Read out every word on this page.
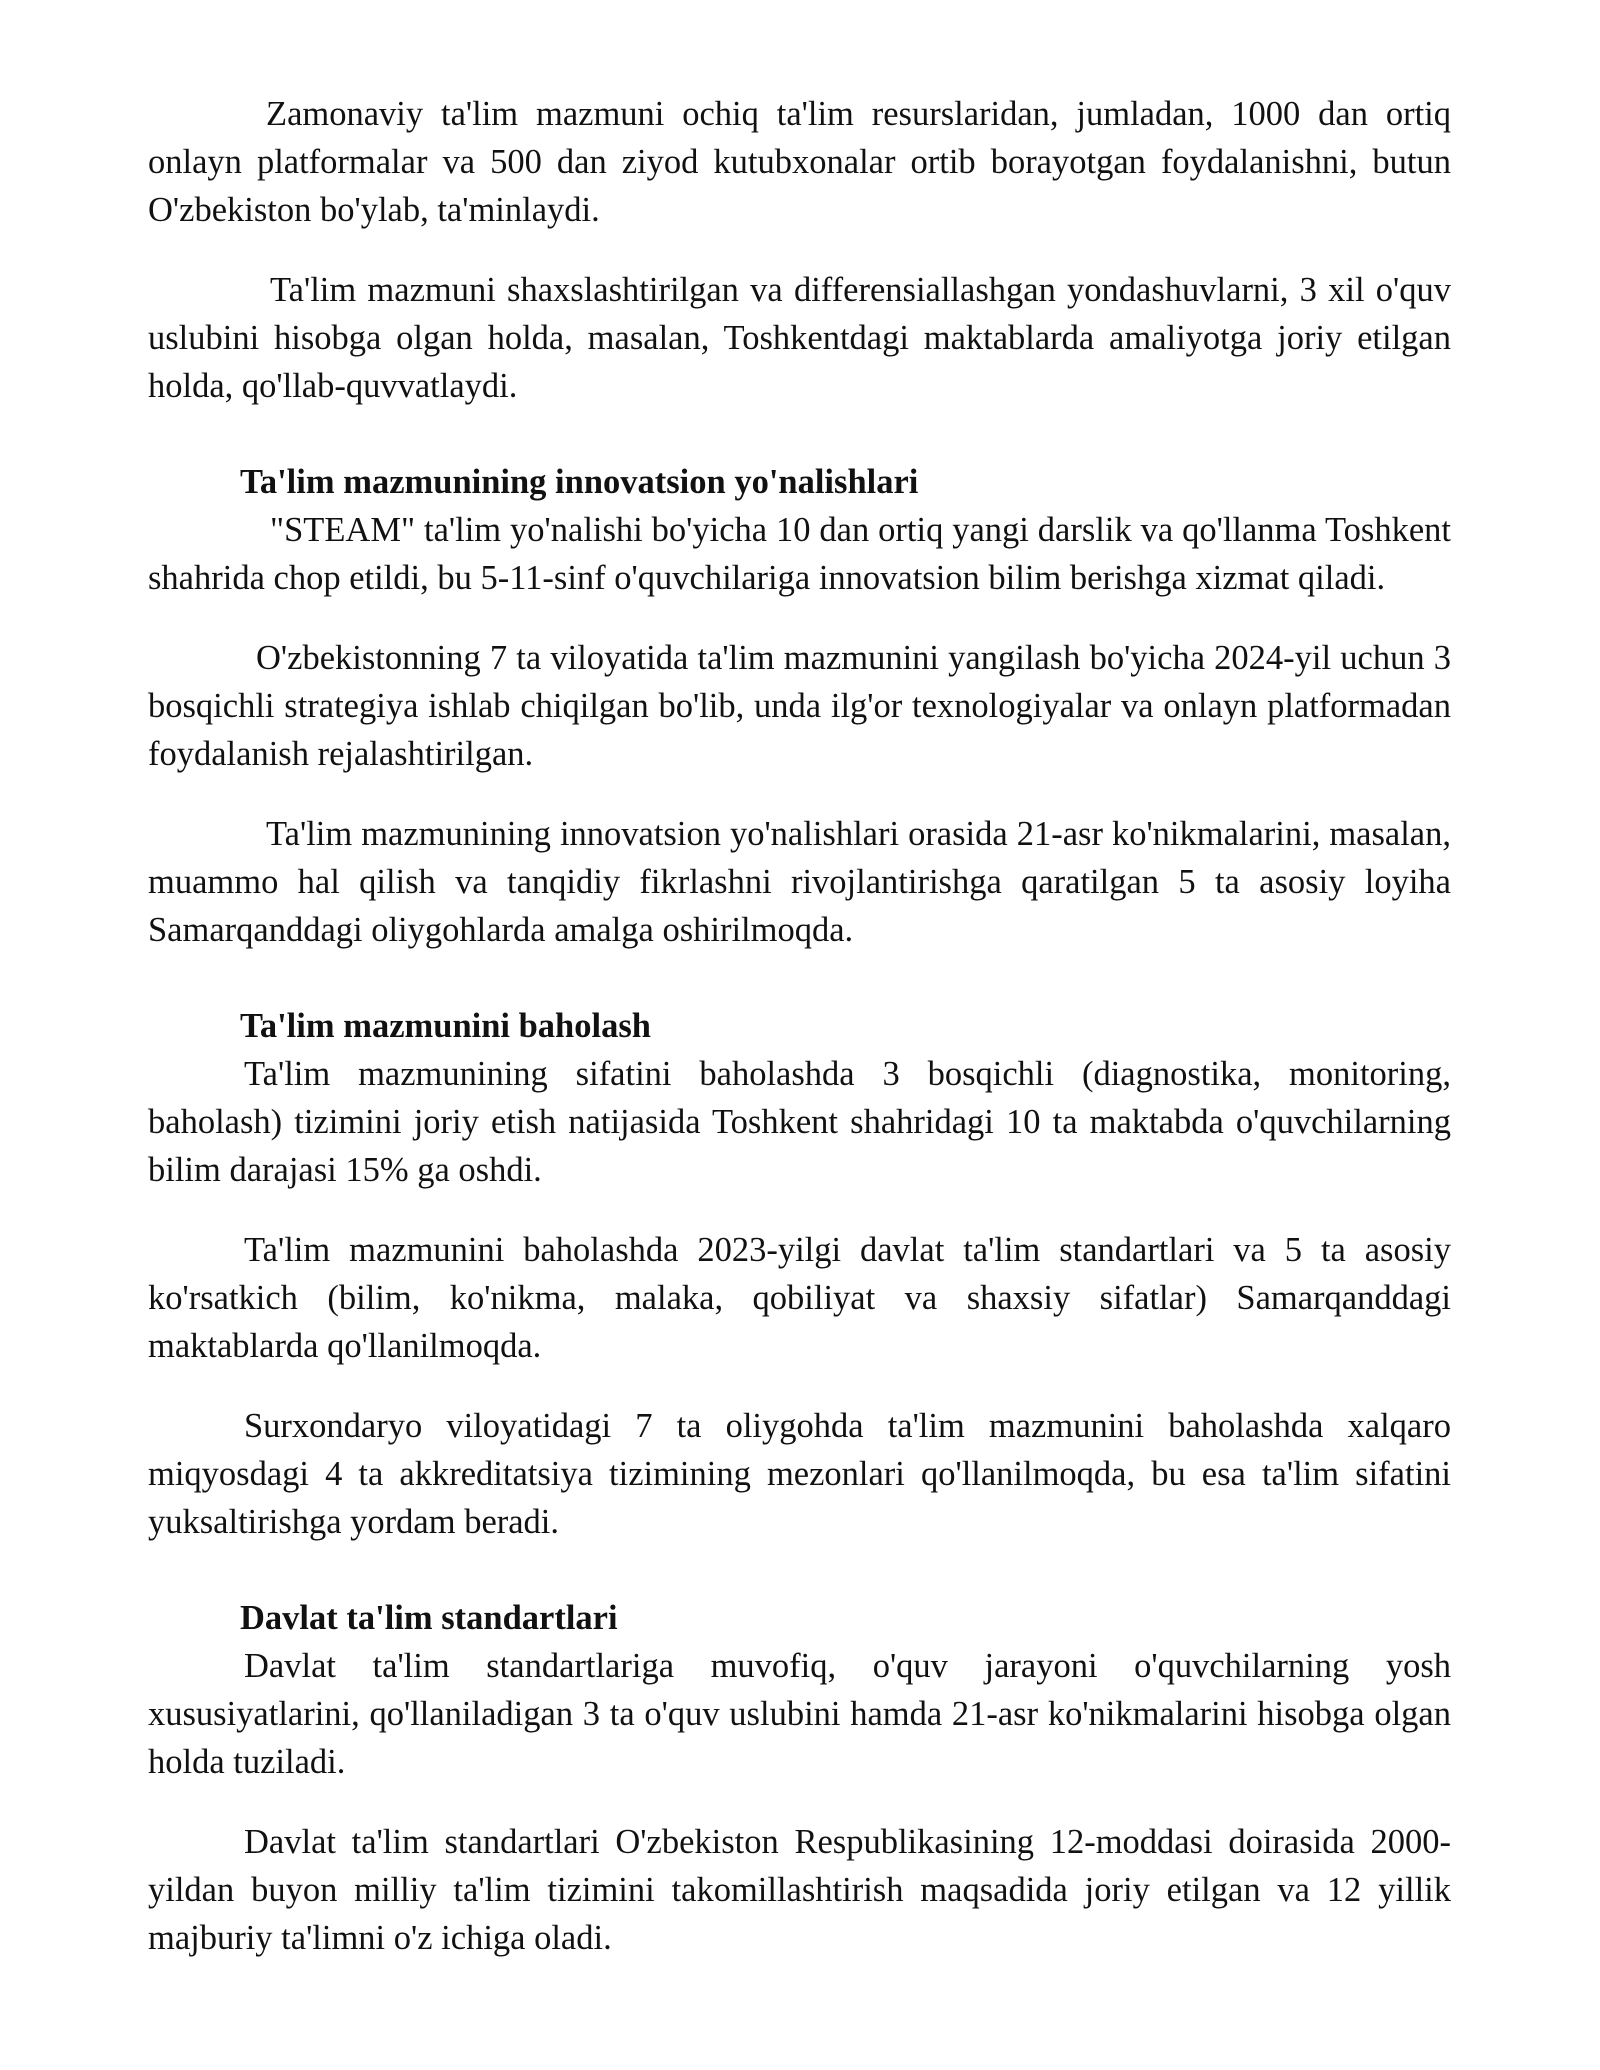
Zamonaviy ta'lim mazmuni ochiq ta'lim resurslaridan, jumladan, 1000 dan ortiq onlayn platformalar va 500 dan ziyod kutubxonalar ortib borayotgan foydalanishni, butun O'zbekiston bo'ylab, ta'minlaydi.

Ta'lim mazmuni shaxslashtirilgan va differensiallashgan yondashuvlarni, 3 xil o'quv uslubini hisobga olgan holda, masalan, Toshkentdagi maktablarda amaliyotga joriy etilgan holda, qo'llab-quvvatlaydi.

Ta'lim mazmunining innovatsion yo'nalishlari

"STEAM" ta'lim yo'nalishi bo'yicha 10 dan ortiq yangi darslik va qo'llanma Toshkent shahrida chop etildi, bu 5-11-sinf o'quvchilariga innovatsion bilim berishga xizmat qiladi.

O'zbekistonning 7 ta viloyatida ta'lim mazmunini yangilash bo'yicha 2024-yil uchun 3 bosqichli strategiya ishlab chiqilgan bo'lib, unda ilg'or texnologiyalar va onlayn platformadan foydalanish rejalashtirilgan.

Ta'lim mazmunining innovatsion yo'nalishlari orasida 21-asr ko'nikmalarini, masalan, muammo hal qilish va tanqidiy fikrlashni rivojlantirishga qaratilgan 5 ta asosiy loyiha Samarqanddagi oliygohlarda amalga oshirilmoqda.

Ta'lim mazmunini baholash

Ta'lim mazmunining sifatini baholashda 3 bosqichli (diagnostika, monitoring, baholash) tizimini joriy etish natijasida Toshkent shahridagi 10 ta maktabda o'quvchilarning bilim darajasi 15% ga oshdi.

Ta'lim mazmunini baholashda 2023-yilgi davlat ta'lim standartlari va 5 ta asosiy ko'rsatkich (bilim, ko'nikma, malaka, qobiliyat va shaxsiy sifatlar) Samarqanddagi maktablarda qo'llanilmoqda.

Surxondaryo viloyatidagi 7 ta oliygohda ta'lim mazmunini baholashda xalqaro miqyosdagi 4 ta akkreditatsiya tizimining mezonlari qo'llanilmoqda, bu esa ta'lim sifatini yuksaltirishga yordam beradi.

Davlat ta'lim standartlari

Davlat ta'lim standartlariga muvofiq, o'quv jarayoni o'quvchilarning yosh xususiyatlarini, qo'llaniladigan 3 ta o'quv uslubini hamda 21-asr ko'nikmalarini hisobga olgan holda tuziladi.

Davlat ta'lim standartlari O'zbekiston Respublikasining 12-moddasi doirasida 2000-yildan buyon milliy ta'lim tizimini takomillashtirish maqsadida joriy etilgan va 12 yillik majburiy ta'limni o'z ichiga oladi.
